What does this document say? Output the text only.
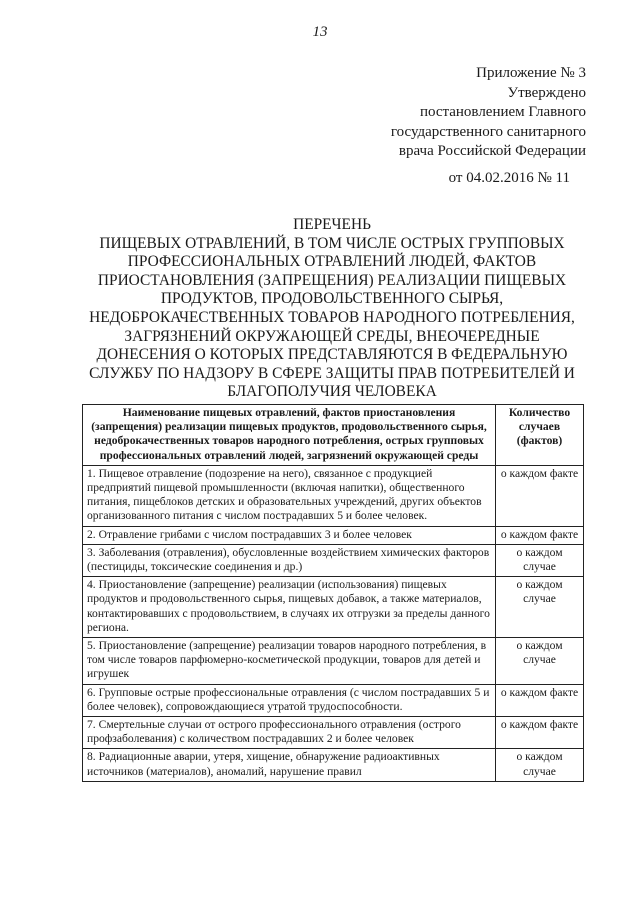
13
Приложение № 3
Утверждено
постановлением Главного
государственного санитарного
врача Российской Федерации
от 04.02.2016 № 11
ПЕРЕЧЕНЬ
ПИЩЕВЫХ ОТРАВЛЕНИЙ, В ТОМ ЧИСЛЕ ОСТРЫХ ГРУППОВЫХ
ПРОФЕССИОНАЛЬНЫХ ОТРАВЛЕНИЙ ЛЮДЕЙ, ФАКТОВ
ПРИОСТАНОВЛЕНИЯ (ЗАПРЕЩЕНИЯ) РЕАЛИЗАЦИИ ПИЩЕВЫХ
ПРОДУКТОВ, ПРОДОВОЛЬСТВЕННОГО СЫРЬЯ,
НЕДОБРОКАЧЕСТВЕННЫХ ТОВАРОВ НАРОДНОГО ПОТРЕБЛЕНИЯ,
ЗАГРЯЗНЕНИЙ ОКРУЖАЮЩЕЙ СРЕДЫ, ВНЕОЧЕРЕДНЫЕ
ДОНЕСЕНИЯ О КОТОРЫХ ПРЕДСТАВЛЯЮТСЯ В ФЕДЕРАЛЬНУЮ
СЛУЖБУ ПО НАДЗОРУ В СФЕРЕ ЗАЩИТЫ ПРАВ ПОТРЕБИТЕЛЕЙ И
БЛАГОПОЛУЧИЯ ЧЕЛОВЕКА
Наименование пищевых отравлений, фактов приостановления (запрещения) реализации пищевых продуктов, продовольственного сырья, недоброкачественных товаров народного потребления, острых групповых профессиональных отравлений людей, загрязнений окружающей среды	Количество случаев (фактов)
1. Пищевое отравление (подозрение на него), связанное с продукцией предприятий пищевой промышленности (включая напитки), общественного питания, пищеблоков детских и образовательных учреждений, других объектов организованного питания с числом пострадавших 5 и более человек.	о каждом факте
2. Отравление грибами с числом пострадавших 3 и более человек	о каждом факте
3. Заболевания (отравления), обусловленные воздействием химических факторов (пестициды, токсические соединения и др.)	о каждом случае
4. Приостановление (запрещение) реализации (использования) пищевых продуктов и продовольственного сырья, пищевых добавок, а также материалов, контактировавших с продовольствием, в случаях их отгрузки за пределы данного региона.	о каждом случае
5. Приостановление (запрещение) реализации товаров народного потребления, в том числе товаров парфюмерно-косметической продукции, товаров для детей и игрушек	о каждом случае
6. Групповые острые профессиональные отравления (с числом пострадавших 5 и более человек), сопровождающиеся утратой трудоспособности.	о каждом факте
7. Смертельные случаи от острого профессионального отравления (острого профзаболевания) с количеством пострадавших 2 и более человек	о каждом факте
8. Радиационные аварии, утеря, хищение, обнаружение радиоактивных источников (материалов), аномалий, нарушение правил	о каждом случае
